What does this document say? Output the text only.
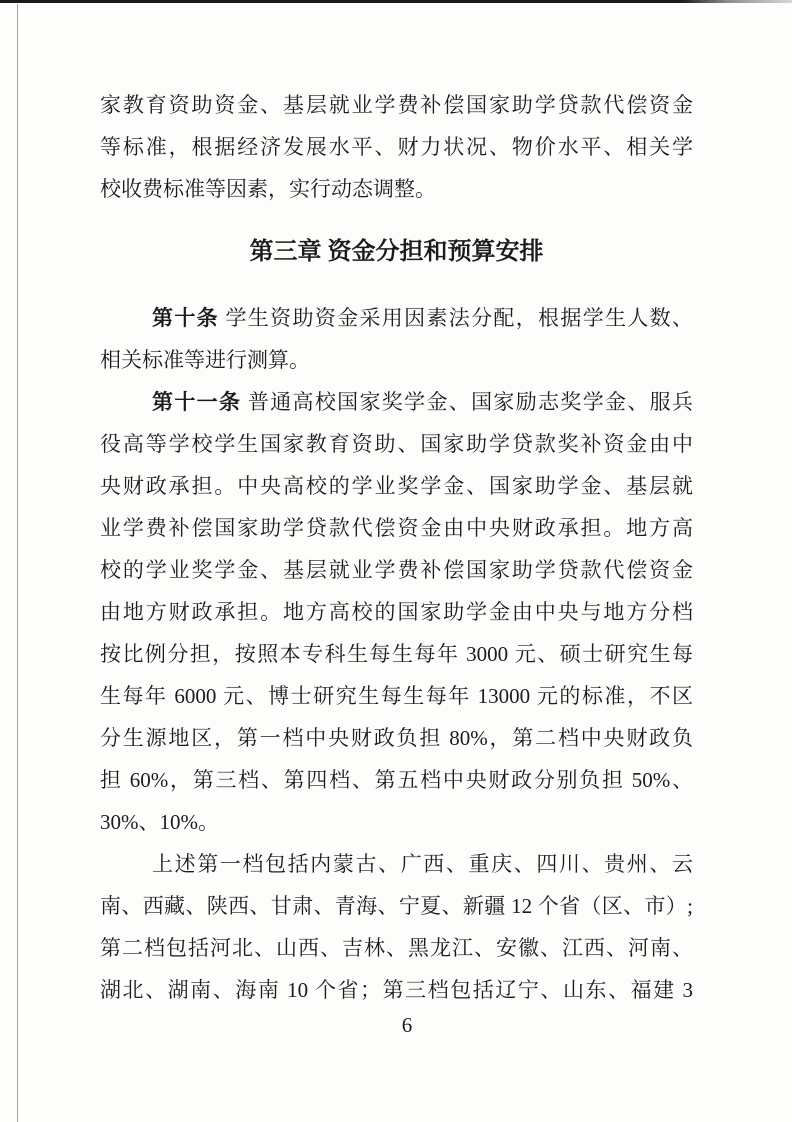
家教育资助资金、基层就业学费补偿国家助学贷款代偿资金
等标准，根据经济发展水平、财力状况、物价水平、相关学
校收费标准等因素，实行动态调整。
第三章 资金分担和预算安排
第十条 学生资助资金采用因素法分配，根据学生人数、
相关标准等进行测算。
第十一条 普通高校国家奖学金、国家励志奖学金、服兵
役高等学校学生国家教育资助、国家助学贷款奖补资金由中
央财政承担。中央高校的学业奖学金、国家助学金、基层就
业学费补偿国家助学贷款代偿资金由中央财政承担。地方高
校的学业奖学金、基层就业学费补偿国家助学贷款代偿资金
由地方财政承担。地方高校的国家助学金由中央与地方分档
按比例分担，按照本专科生每生每年 3000 元、硕士研究生每
生每年 6000 元、博士研究生每生每年 13000 元的标准，不区
分生源地区，第一档中央财政负担 80%，第二档中央财政负
担 60%，第三档、第四档、第五档中央财政分别负担 50%、
30%、10%。
上述第一档包括内蒙古、广西、重庆、四川、贵州、云
南、西藏、陕西、甘肃、青海、宁夏、新疆 12 个省（区、市）;
第二档包括河北、山西、吉林、黑龙江、安徽、江西、河南、
湖北、湖南、海南 10 个省；第三档包括辽宁、山东、福建 3
6
